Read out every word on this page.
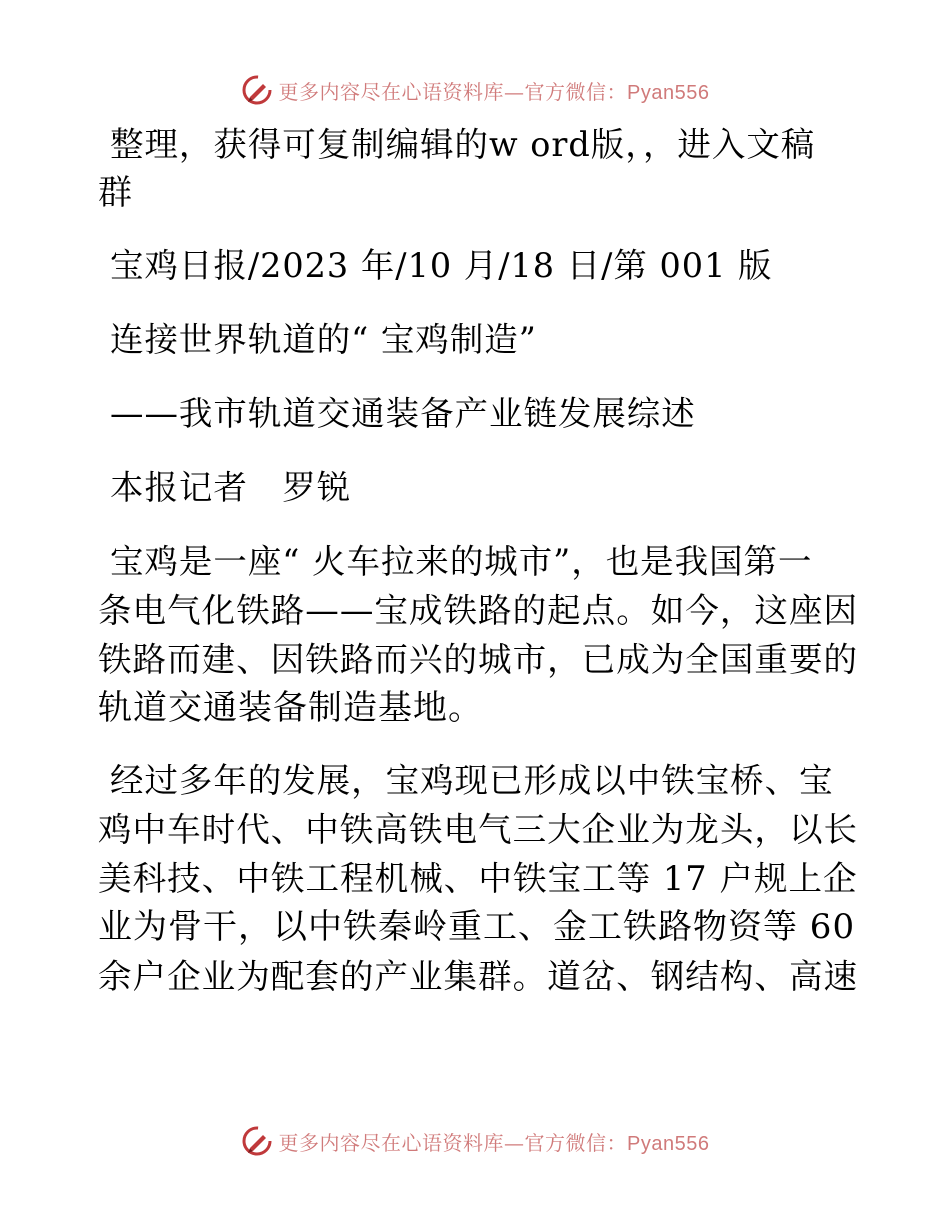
更多内容尽在心语资料库—官方微信：Pyan556

整理，获得可复制编辑的w ord版，，进入文稿
群

宝鸡日报/2023 年/10 月/18 日/第 001 版

连接世界轨道的“ 宝鸡制造”

——我市轨道交通装备产业链发展综述

本报记者　罗锐

宝鸡是一座“ 火车拉来的城市”，也是我国第一
条电气化铁路——宝成铁路的起点。如今，这座因
铁路而建、因铁路而兴的城市，已成为全国重要的
轨道交通装备制造基地。

经过多年的发展，宝鸡现已形成以中铁宝桥、宝
鸡中车时代、中铁高铁电气三大企业为龙头，以长
美科技、中铁工程机械、中铁宝工等 17 户规上企
业为骨干，以中铁秦岭重工、金工铁路物资等 60
余户企业为配套的产业集群。道岔、钢结构、高速

更多内容尽在心语资料库—官方微信：Pyan556
